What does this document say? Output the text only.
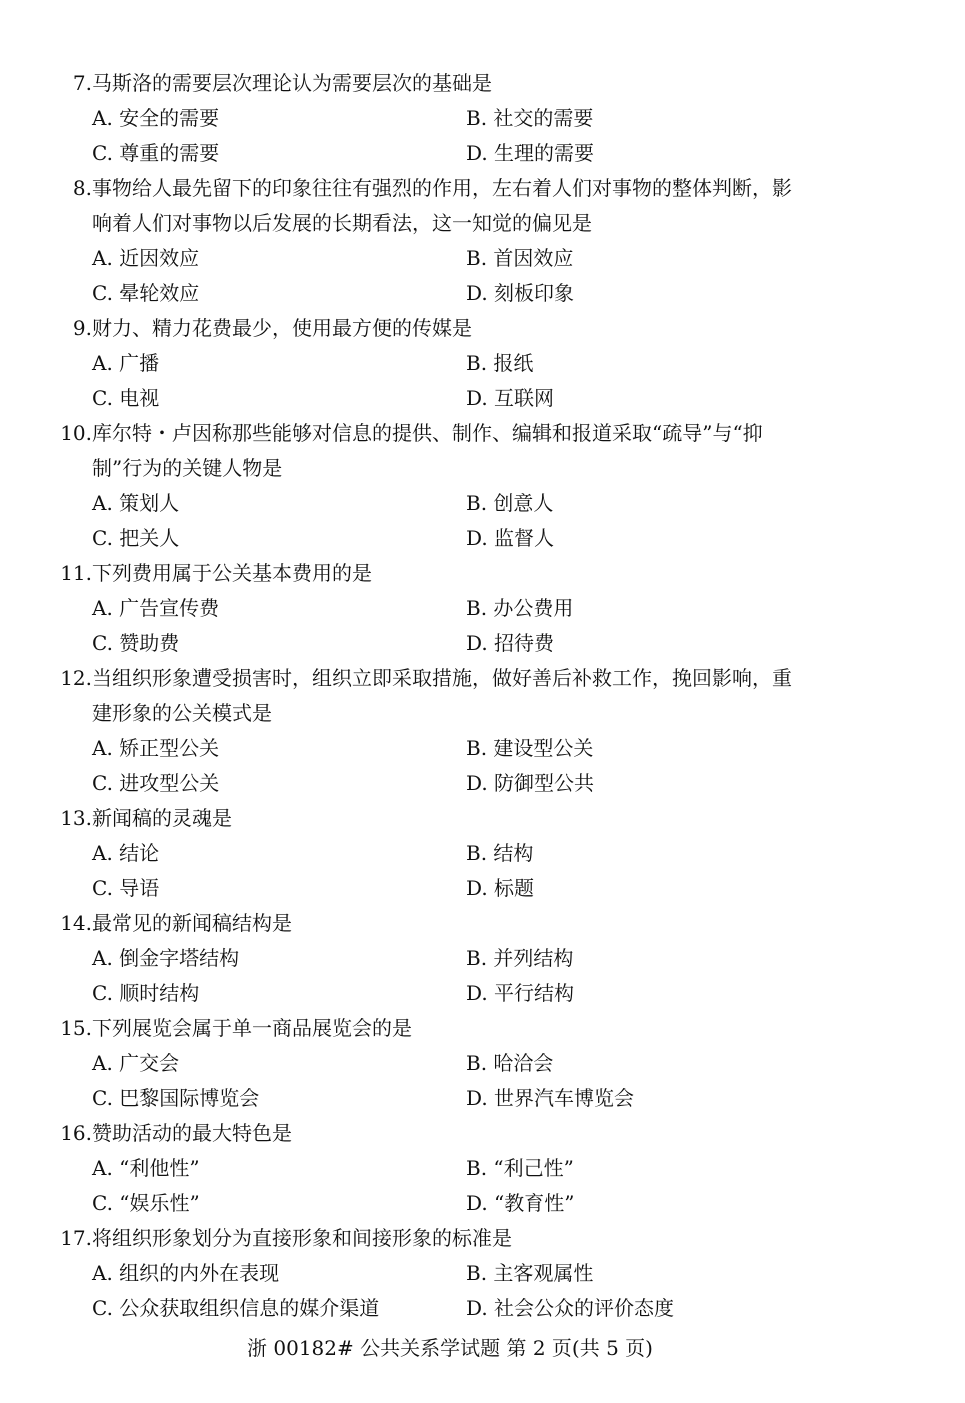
7. 马斯洛的需要层次理论认为需要层次的基础是
A. 安全的需要	B. 社交的需要
C. 尊重的需要	D. 生理的需要
8. 事物给人最先留下的印象往往有强烈的作用，左右着人们对事物的整体判断，影
响着人们对事物以后发展的长期看法，这一知觉的偏见是
A. 近因效应	B. 首因效应
C. 晕轮效应	D. 刻板印象
9. 财力、精力花费最少，使用最方便的传媒是
A. 广播	B. 报纸
C. 电视	D. 互联网
10. 库尔特・卢因称那些能够对信息的提供、制作、编辑和报道采取“疏导”与“抑
制”行为的关键人物是
A. 策划人	B. 创意人
C. 把关人	D. 监督人
11. 下列费用属于公关基本费用的是
A. 广告宣传费	B. 办公费用
C. 赞助费	D. 招待费
12. 当组织形象遭受损害时，组织立即采取措施，做好善后补救工作，挽回影响，重
建形象的公关模式是
A. 矫正型公关	B. 建设型公关
C. 进攻型公关	D. 防御型公共
13. 新闻稿的灵魂是
A. 结论	B. 结构
C. 导语	D. 标题
14. 最常见的新闻稿结构是
A. 倒金字塔结构	B. 并列结构
C. 顺时结构	D. 平行结构
15. 下列展览会属于单一商品展览会的是
A. 广交会	B. 哈洽会
C. 巴黎国际博览会	D. 世界汽车博览会
16. 赞助活动的最大特色是
A. “利他性”	B. “利己性”
C. “娱乐性”	D. “教育性”
17. 将组织形象划分为直接形象和间接形象的标准是
A. 组织的内外在表现	B. 主客观属性
C. 公众获取组织信息的媒介渠道	D. 社会公众的评价态度
浙 00182# 公共关系学试题 第 2 页(共 5 页)
